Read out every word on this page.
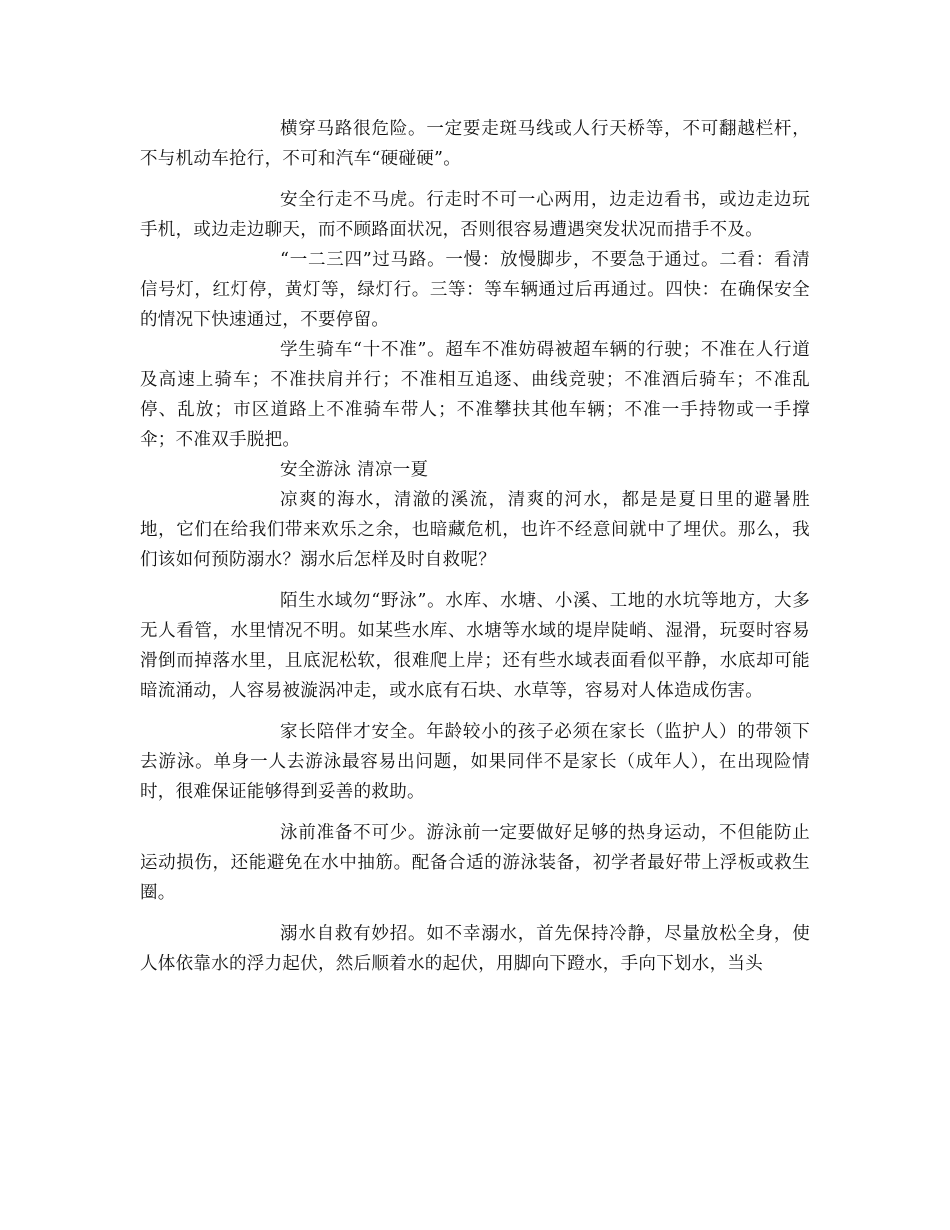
横穿马路很危险。一定要走斑马线或人行天桥等，不可翻越栏杆，不与机动车抢行，不可和汽车“硬碰硬”。

安全行走不马虎。行走时不可一心两用，边走边看书，或边走边玩手机，或边走边聊天，而不顾路面状况，否则很容易遭遇突发状况而措手不及。

“一二三四”过马路。一慢：放慢脚步，不要急于通过。二看：看清信号灯，红灯停，黄灯等，绿灯行。三等：等车辆通过后再通过。四快：在确保安全的情况下快速通过，不要停留。

学生骑车“十不准”。超车不准妨碍被超车辆的行驶；不准在人行道及高速上骑车；不准扶肩并行；不准相互追逐、曲线竞驶；不准酒后骑车；不准乱停、乱放；市区道路上不准骑车带人；不准攀扶其他车辆；不准一手持物或一手撑伞；不准双手脱把。

安全游泳 清凉一夏

凉爽的海水，清澈的溪流，清爽的河水，都是是夏日里的避暑胜地，它们在给我们带来欢乐之余，也暗藏危机，也许不经意间就中了埋伏。那么，我们该如何预防溺水？溺水后怎样及时自救呢？

陌生水域勿“野泳”。水库、水塘、小溪、工地的水坑等地方，大多无人看管，水里情况不明。如某些水库、水塘等水域的堤岸陡峭、湿滑，玩耍时容易滑倒而掉落水里，且底泥松软，很难爬上岸；还有些水域表面看似平静，水底却可能暗流涌动，人容易被漩涡冲走，或水底有石块、水草等，容易对人体造成伤害。

家长陪伴才安全。年龄较小的孩子必须在家长（监护人）的带领下去游泳。单身一人去游泳最容易出问题，如果同伴不是家长（成年人），在出现险情时，很难保证能够得到妥善的救助。

泳前准备不可少。游泳前一定要做好足够的热身运动，不但能防止运动损伤，还能避免在水中抽筋。配备合适的游泳装备，初学者最好带上浮板或救生圈。

溺水自救有妙招。如不幸溺水，首先保持冷静，尽量放松全身，使人体依靠水的浮力起伏，然后顺着水的起伏，用脚向下蹬水，手向下划水，当头
